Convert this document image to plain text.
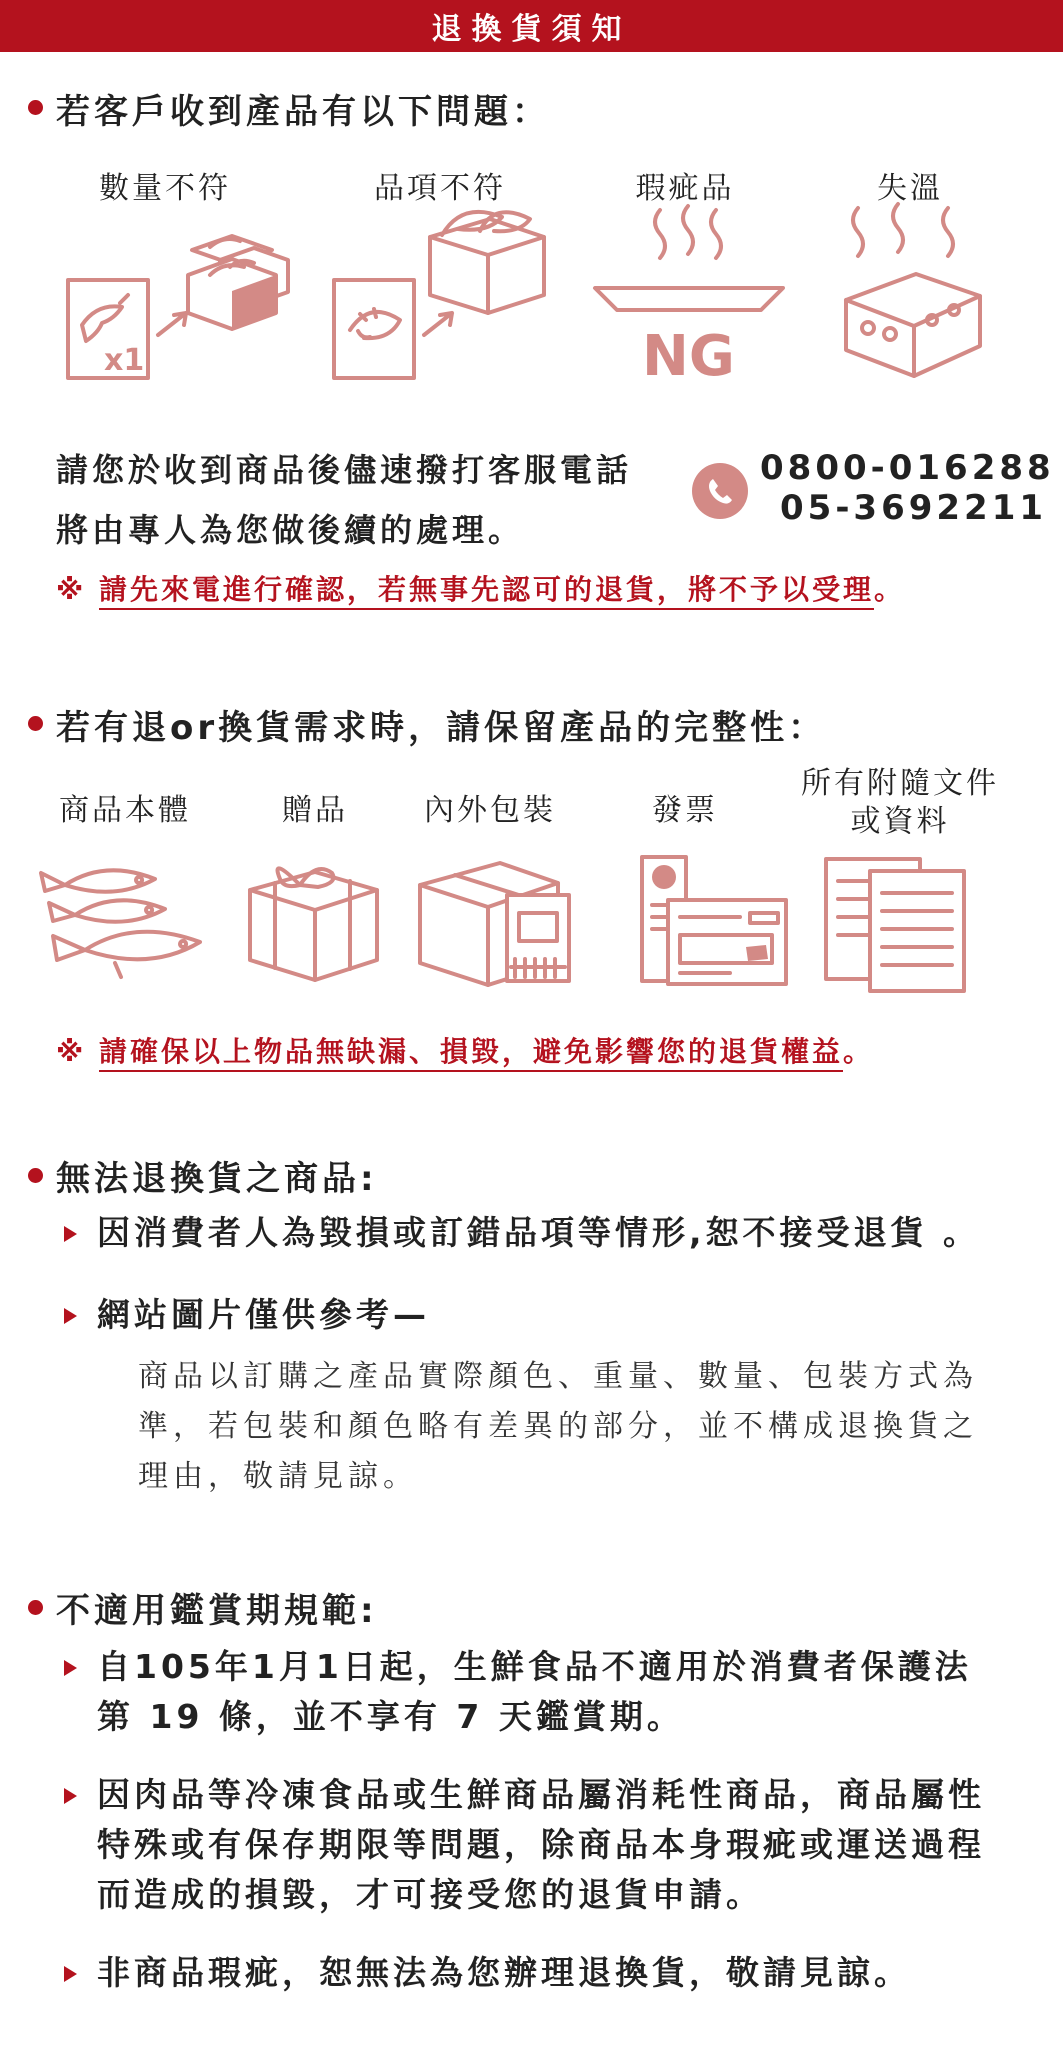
退換貨須知
若客戶收到產品有以下問題：
數量不符	品項不符	瑕疵品	失溫
x1	NG
請您於收到商品後儘速撥打客服電話
將由專人為您做後續的處理。
0800-016288
05-3692211
※ 請先來電進行確認，若無事先認可的退貨，將不予以受理。
若有退or換貨需求時，請保留產品的完整性：
商品本體	贈品	內外包裝	發票
所有附隨文件
或資料
※ 請確保以上物品無缺漏、損毀，避免影響您的退貨權益。
無法退換貨之商品:
因消費者人為毀損或訂錯品項等情形,恕不接受退貨 。
網站圖片僅供參考—
商品以訂購之產品實際顏色、重量、數量、包裝方式為
準，若包裝和顏色略有差異的部分，並不構成退換貨之
理由，敬請見諒。
不適用鑑賞期規範:
自105年1月1日起，生鮮食品不適用於消費者保護法
第 19 條，並不享有 7 天鑑賞期。
因肉品等冷凍食品或生鮮商品屬消耗性商品，商品屬性
特殊或有保存期限等問題，除商品本身瑕疵或運送過程
而造成的損毀，才可接受您的退貨申請。
非商品瑕疵，恕無法為您辦理退換貨，敬請見諒。
